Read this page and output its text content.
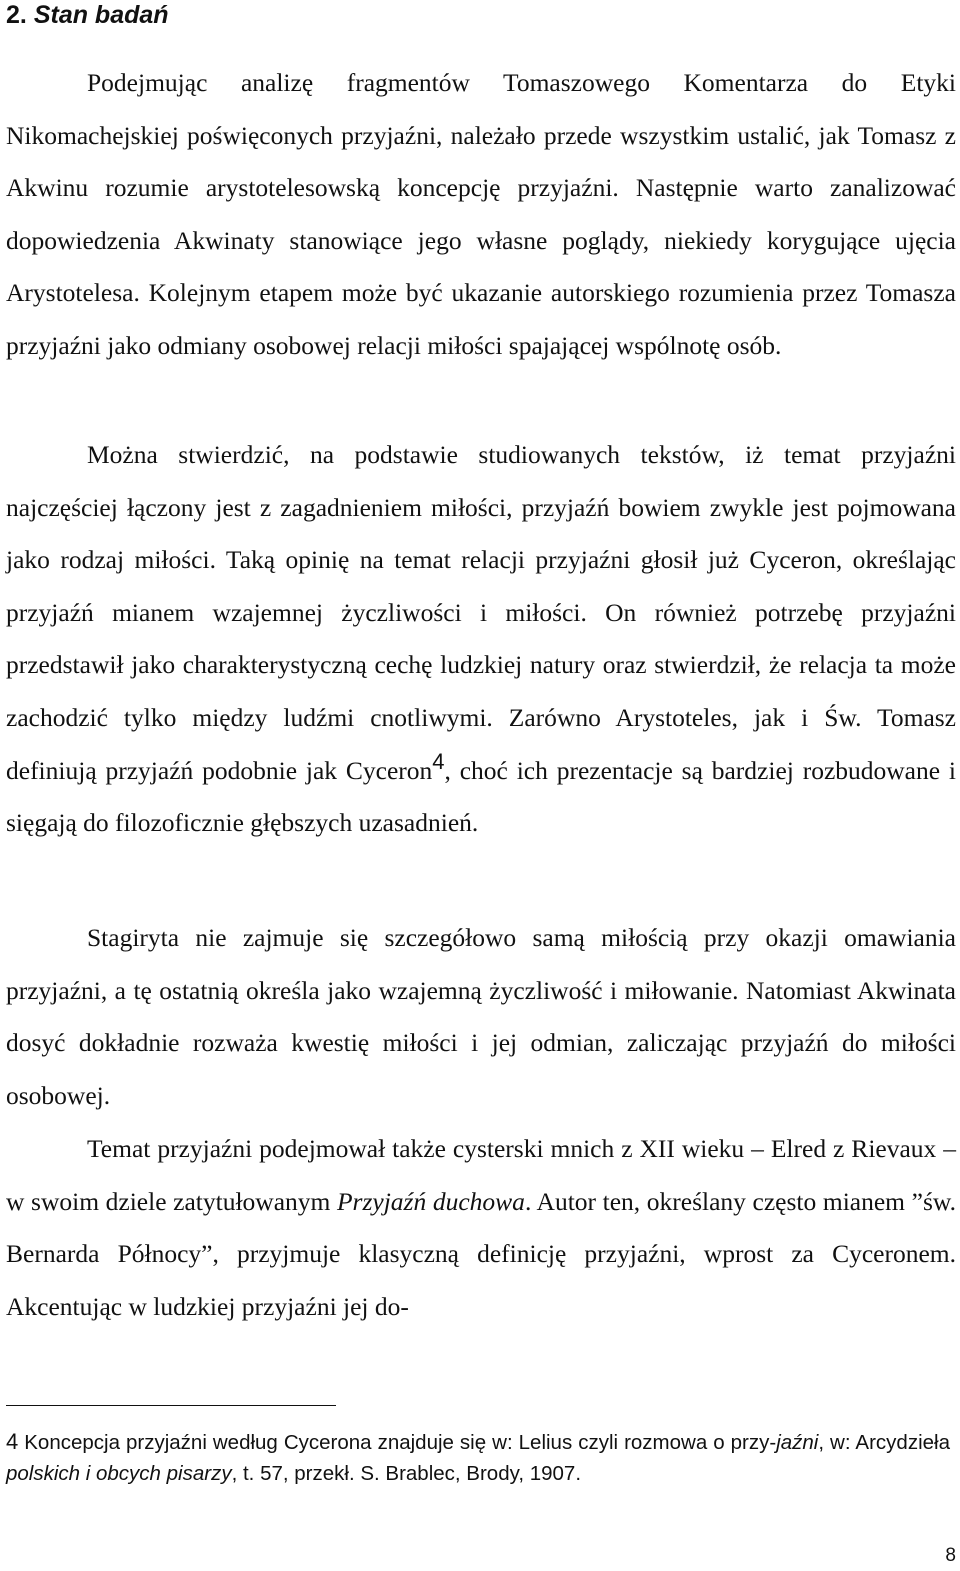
2. Stan badań

Podejmując analizę fragmentów Tomaszowego Komentarza do Etyki Nikomachejskiej poświęconych przyjaźni, należało przede wszystkim ustalić, jak Tomasz z Akwinu rozumie arystotelesowską koncepcję przyjaźni. Następnie warto zanalizować dopowiedzenia Akwinaty stanowiące jego własne poglądy, niekiedy korygujące ujęcia Arystotelesa. Kolejnym etapem może być ukazanie autorskiego rozumienia przez Tomasza przyjaźni jako odmiany osobowej relacji miłości spajającej wspólnotę osób.

Można stwierdzić, na podstawie studiowanych tekstów, iż temat przyjaźni najczęściej łączony jest z zagadnieniem miłości, przyjaźń bowiem zwykle jest pojmowana jako rodzaj miłości. Taką opinię na temat relacji przyjaźni głosił już Cyceron, określając przyjaźń mianem wzajemnej życzliwości i miłości. On również potrzebę przyjaźni przedstawił jako charakterystyczną cechę ludzkiej natury oraz stwierdził, że relacja ta może zachodzić tylko między ludźmi cnotliwymi. Zarówno Arystoteles, jak i Św. Tomasz definiują przyjaźń podobnie jak Cyceron$^4$, choć ich prezentacje są bardziej rozbudowane i sięgają do filozoficznie głębszych uzasadnień.

Stagiryta nie zajmuje się szczegółowo samą miłością przy okazji omawiania przyjaźni, a tę ostatnią określa jako wzajemną życzliwość i miłowanie. Natomiast Akwinata dosyć dokładnie rozważa kwestię miłości i jej odmian, zaliczając przyjaźń do miłości osobowej.

Temat przyjaźni podejmował także cysterski mnich z XII wieku – Elred z Rievaux – w swoim dziele zatytułowanym Przyjaźń duchowa. Autor ten, określany często mianem ”św. Bernarda Północy”, przyjmuje klasyczną definicję przyjaźni, wprost za Cyceronem. Akcentując w ludzkiej przyjaźni jej do-

4 Koncepcja przyjaźni według Cycerona znajduje się w: Lelius czyli rozmowa o przy-jaźni, w: Arcydzieła polskich i obcych pisarzy, t. 57, przekł. S. Brablec, Brody, 1907.

8
